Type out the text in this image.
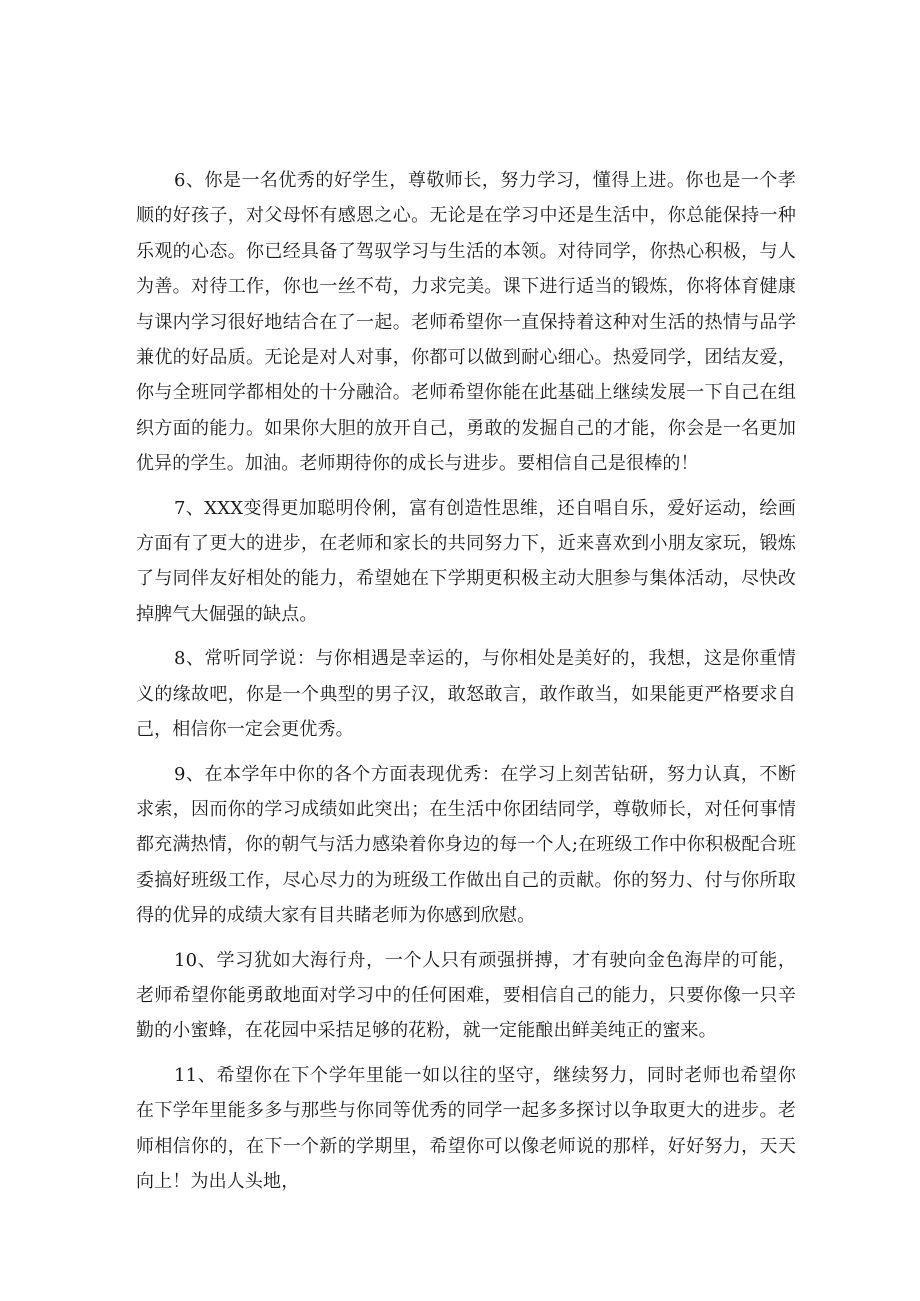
6、你是一名优秀的好学生，尊敬师长，努力学习，懂得上进。你也是一个孝顺的好孩子，对父母怀有感恩之心。无论是在学习中还是生活中，你总能保持一种乐观的心态。你已经具备了驾驭学习与生活的本领。对待同学，你热心积极，与人为善。对待工作，你也一丝不苟，力求完美。课下进行适当的锻炼，你将体育健康与课内学习很好地结合在了一起。老师希望你一直保持着这种对生活的热情与品学兼优的好品质。无论是对人对事，你都可以做到耐心细心。热爱同学，团结友爱，你与全班同学都相处的十分融洽。老师希望你能在此基础上继续发展一下自己在组织方面的能力。如果你大胆的放开自己，勇敢的发掘自己的才能，你会是一名更加优异的学生。加油。老师期待你的成长与进步。要相信自己是很棒的！

7、XXX变得更加聪明伶俐，富有创造性思维，还自唱自乐，爱好运动，绘画方面有了更大的进步，在老师和家长的共同努力下，近来喜欢到小朋友家玩，锻炼了与同伴友好相处的能力，希望她在下学期更积极主动大胆参与集体活动，尽快改掉脾气大倔强的缺点。

8、常听同学说：与你相遇是幸运的，与你相处是美好的，我想，这是你重情义的缘故吧，你是一个典型的男子汉，敢怒敢言，敢作敢当，如果能更严格要求自己，相信你一定会更优秀。

9、在本学年中你的各个方面表现优秀：在学习上刻苦钻研，努力认真，不断求索，因而你的学习成绩如此突出；在生活中你团结同学，尊敬师长，对任何事情都充满热情，你的朝气与活力感染着你身边的每一个人;在班级工作中你积极配合班委搞好班级工作，尽心尽力的为班级工作做出自己的贡献。你的努力、付与你所取得的优异的成绩大家有目共睹老师为你感到欣慰。

10、学习犹如大海行舟，一个人只有顽强拼搏，才有驶向金色海岸的可能，老师希望你能勇敢地面对学习中的任何困难，要相信自己的能力，只要你像一只辛勤的小蜜蜂，在花园中采拮足够的花粉，就一定能酿出鲜美纯正的蜜来。

11、希望你在下个学年里能一如以往的坚守，继续努力，同时老师也希望你在下学年里能多多与那些与你同等优秀的同学一起多多探讨以争取更大的进步。老师相信你的，在下一个新的学期里，希望你可以像老师说的那样，好好努力，天天向上！为出人头地，
